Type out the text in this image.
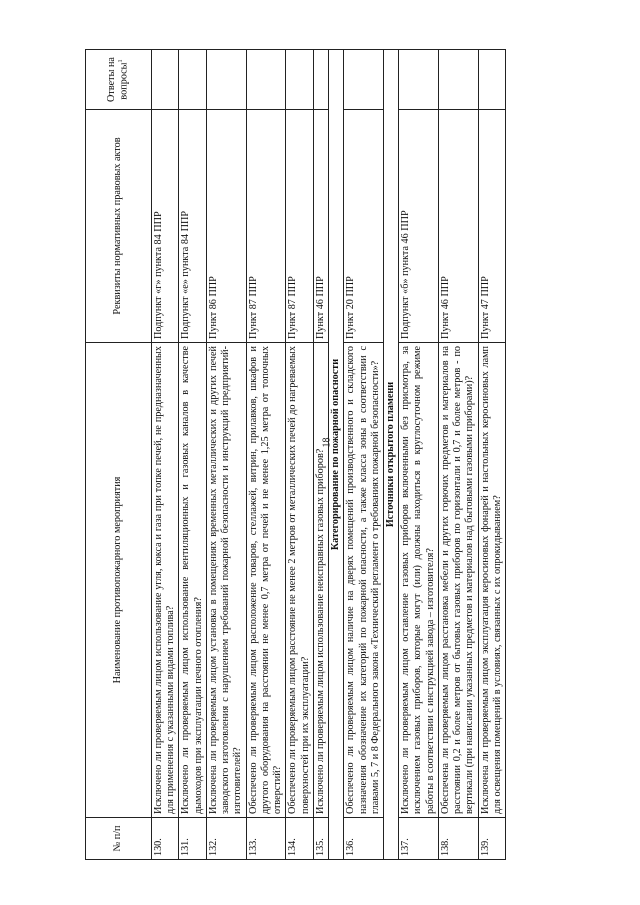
18
№ п/п	Наименование противопожарного мероприятия	Реквизиты нормативных правовых актов	Ответы на вопросы$^1$
130.	Исключено ли проверяемым лицом использование угля, кокса и газа при топке печей, не предназначенных для применения с указанными видами топлива?	Подпункт «г» пункта 84 ППР	
131.	Исключено ли проверяемым лицом использование вентиляционных и газовых каналов в качестве дымоходов при эксплуатации печного отопления?	Подпункт «е» пункта 84 ППР	
132.	Исключена ли проверяемым лицом установка в помещениях временных металлических и других печей заводского изготовления с нарушением требований пожарной безопасности и инструкций предприятий-изготовителей?	Пункт 86 ППР	
133.	Обеспечено ли проверяемым лицом расположение товаров, стеллажей, витрин, прилавков, шкафов и другого оборудования на расстоянии не менее 0,7 метра от печей и не менее 1,25 метра от топочных отверстий?	Пункт 87 ППР	
134.	Обеспечено ли проверяемым лицом расстояние не менее 2 метров от металлических печей до нагреваемых поверхностей при их эксплуатации?	Пункт 87 ППР	
135.	Исключено ли проверяемым лицом использование неисправных газовых приборов?	Пункт 46 ППР	
Категорирование по пожарной опасности			
136.	Обеспечено ли проверяемым лицом наличие на дверях помещений производственного и складского назначения обозначение их категорий по пожарной опасности, а также класса зоны в соответствии с главами 5, 7 и 8 Федерального закона «Технический регламент о требованиях пожарной безопасности»?	Пункт 20 ППР	
Источники открытого пламени			
137.	Исключено ли проверяемым лицом оставление газовых приборов включенными без присмотра, за исключением газовых приборов, которые могут (или) должны находиться в круглосуточном режиме работы в соответствии с инструкцией завода – изготовителя?	Подпункт «б» пункта 46 ППР	
138.	Обеспечена ли проверяемым лицом расстановка мебели и других горючих предметов и материалов на расстоянии 0,2 и более метров от бытовых газовых приборов по горизонтали и 0,7 и более метров - по вертикали (при нависании указанных предметов и материалов над бытовыми газовыми приборами)?	Пункт 46 ППР	
139.	Исключена ли проверяемым лицом эксплуатация керосиновых фонарей и настольных керосиновых ламп для освещения помещений в условиях, связанных с их опрокидыванием?	Пункт 47 ППР	
